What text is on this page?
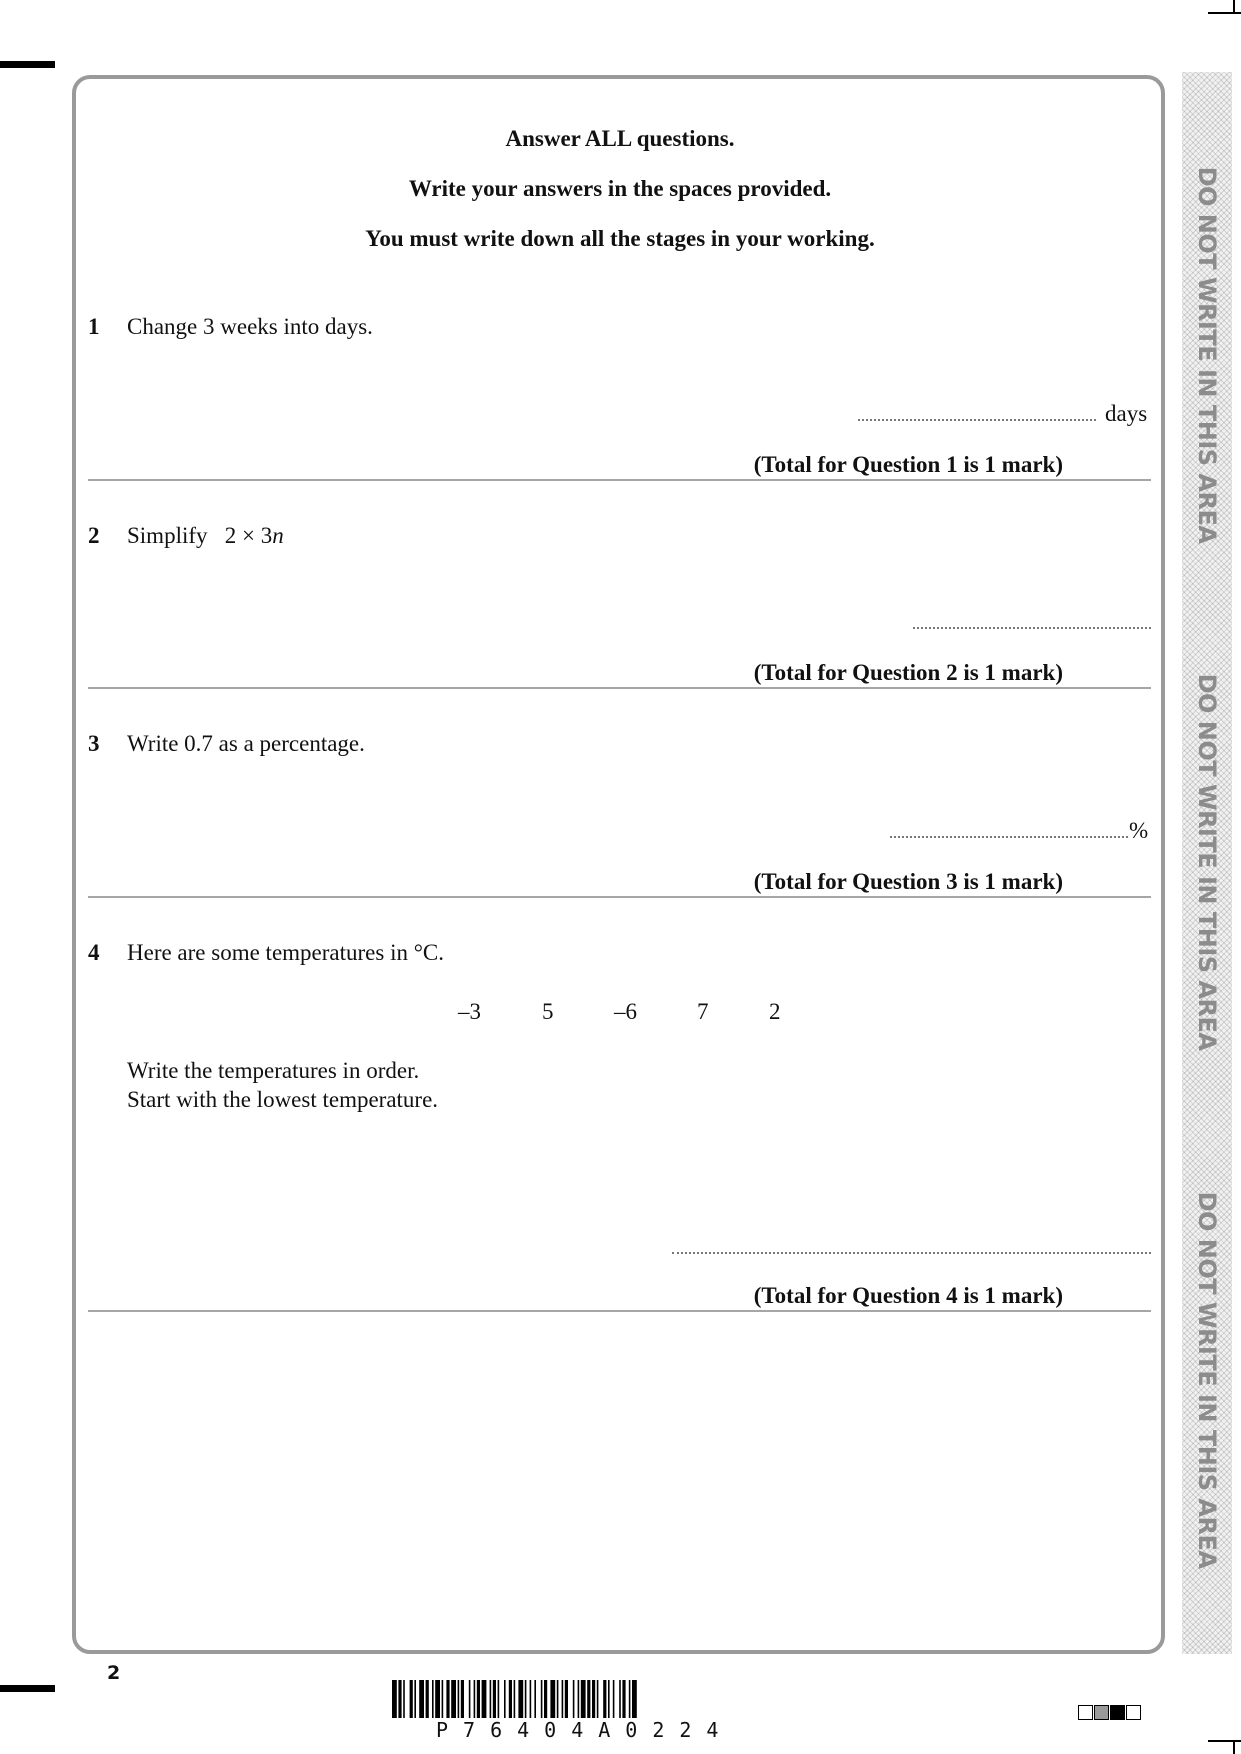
DO NOT WRITE IN THIS AREA
DO NOT WRITE IN THIS AREA
DO NOT WRITE IN THIS AREA
Answer ALL questions.
Write your answers in the spaces provided.
You must write down all the stages in your working.
1 Change 3 weeks into days.
days
(Total for Question 1 is 1 mark)
2 Simplify   2 × 3n
(Total for Question 2 is 1 mark)
3 Write 0.7 as a percentage.
%
(Total for Question 3 is 1 mark)
4 Here are some temperatures in °C.
–3	5	–6	7	2
Write the temperatures in order.
Start with the lowest temperature.
(Total for Question 4 is 1 mark)
2
P76404A0224
